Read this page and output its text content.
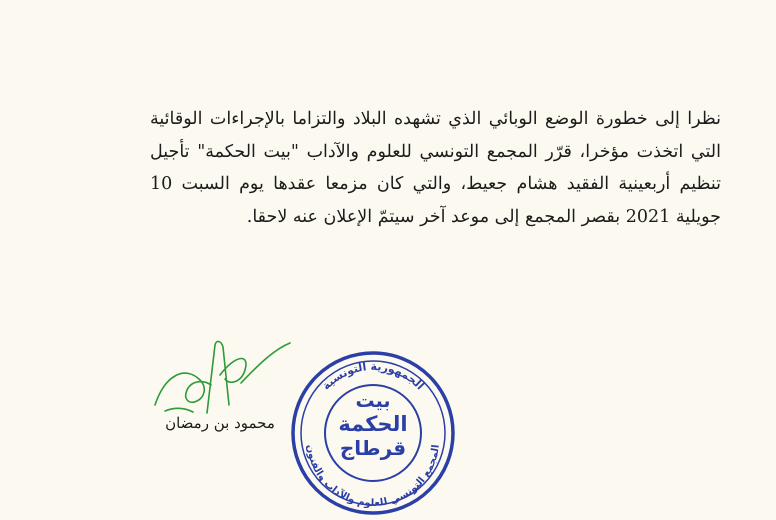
نظرا إلى خطورة الوضع الوبائي الذي تشهده البلاد والتزاما بالإجراءات الوقائية التي اتخذت مؤخرا، قرّر المجمع التونسي للعلوم والآداب "بيت الحكمة" تأجيل تنظيم أربعينية الفقيد هشام جعيط، والتي كان مزمعا عقدها يوم السبت 10 جويلية 2021 بقصر المجمع إلى موعد آخر سيتمّ الإعلان عنه لاحقا.

محمود بن رمضان
الجمهورية التونسية
المجمع التونسي للعلوم والآداب والفنون
بيت
الحكمة
قرطاج
